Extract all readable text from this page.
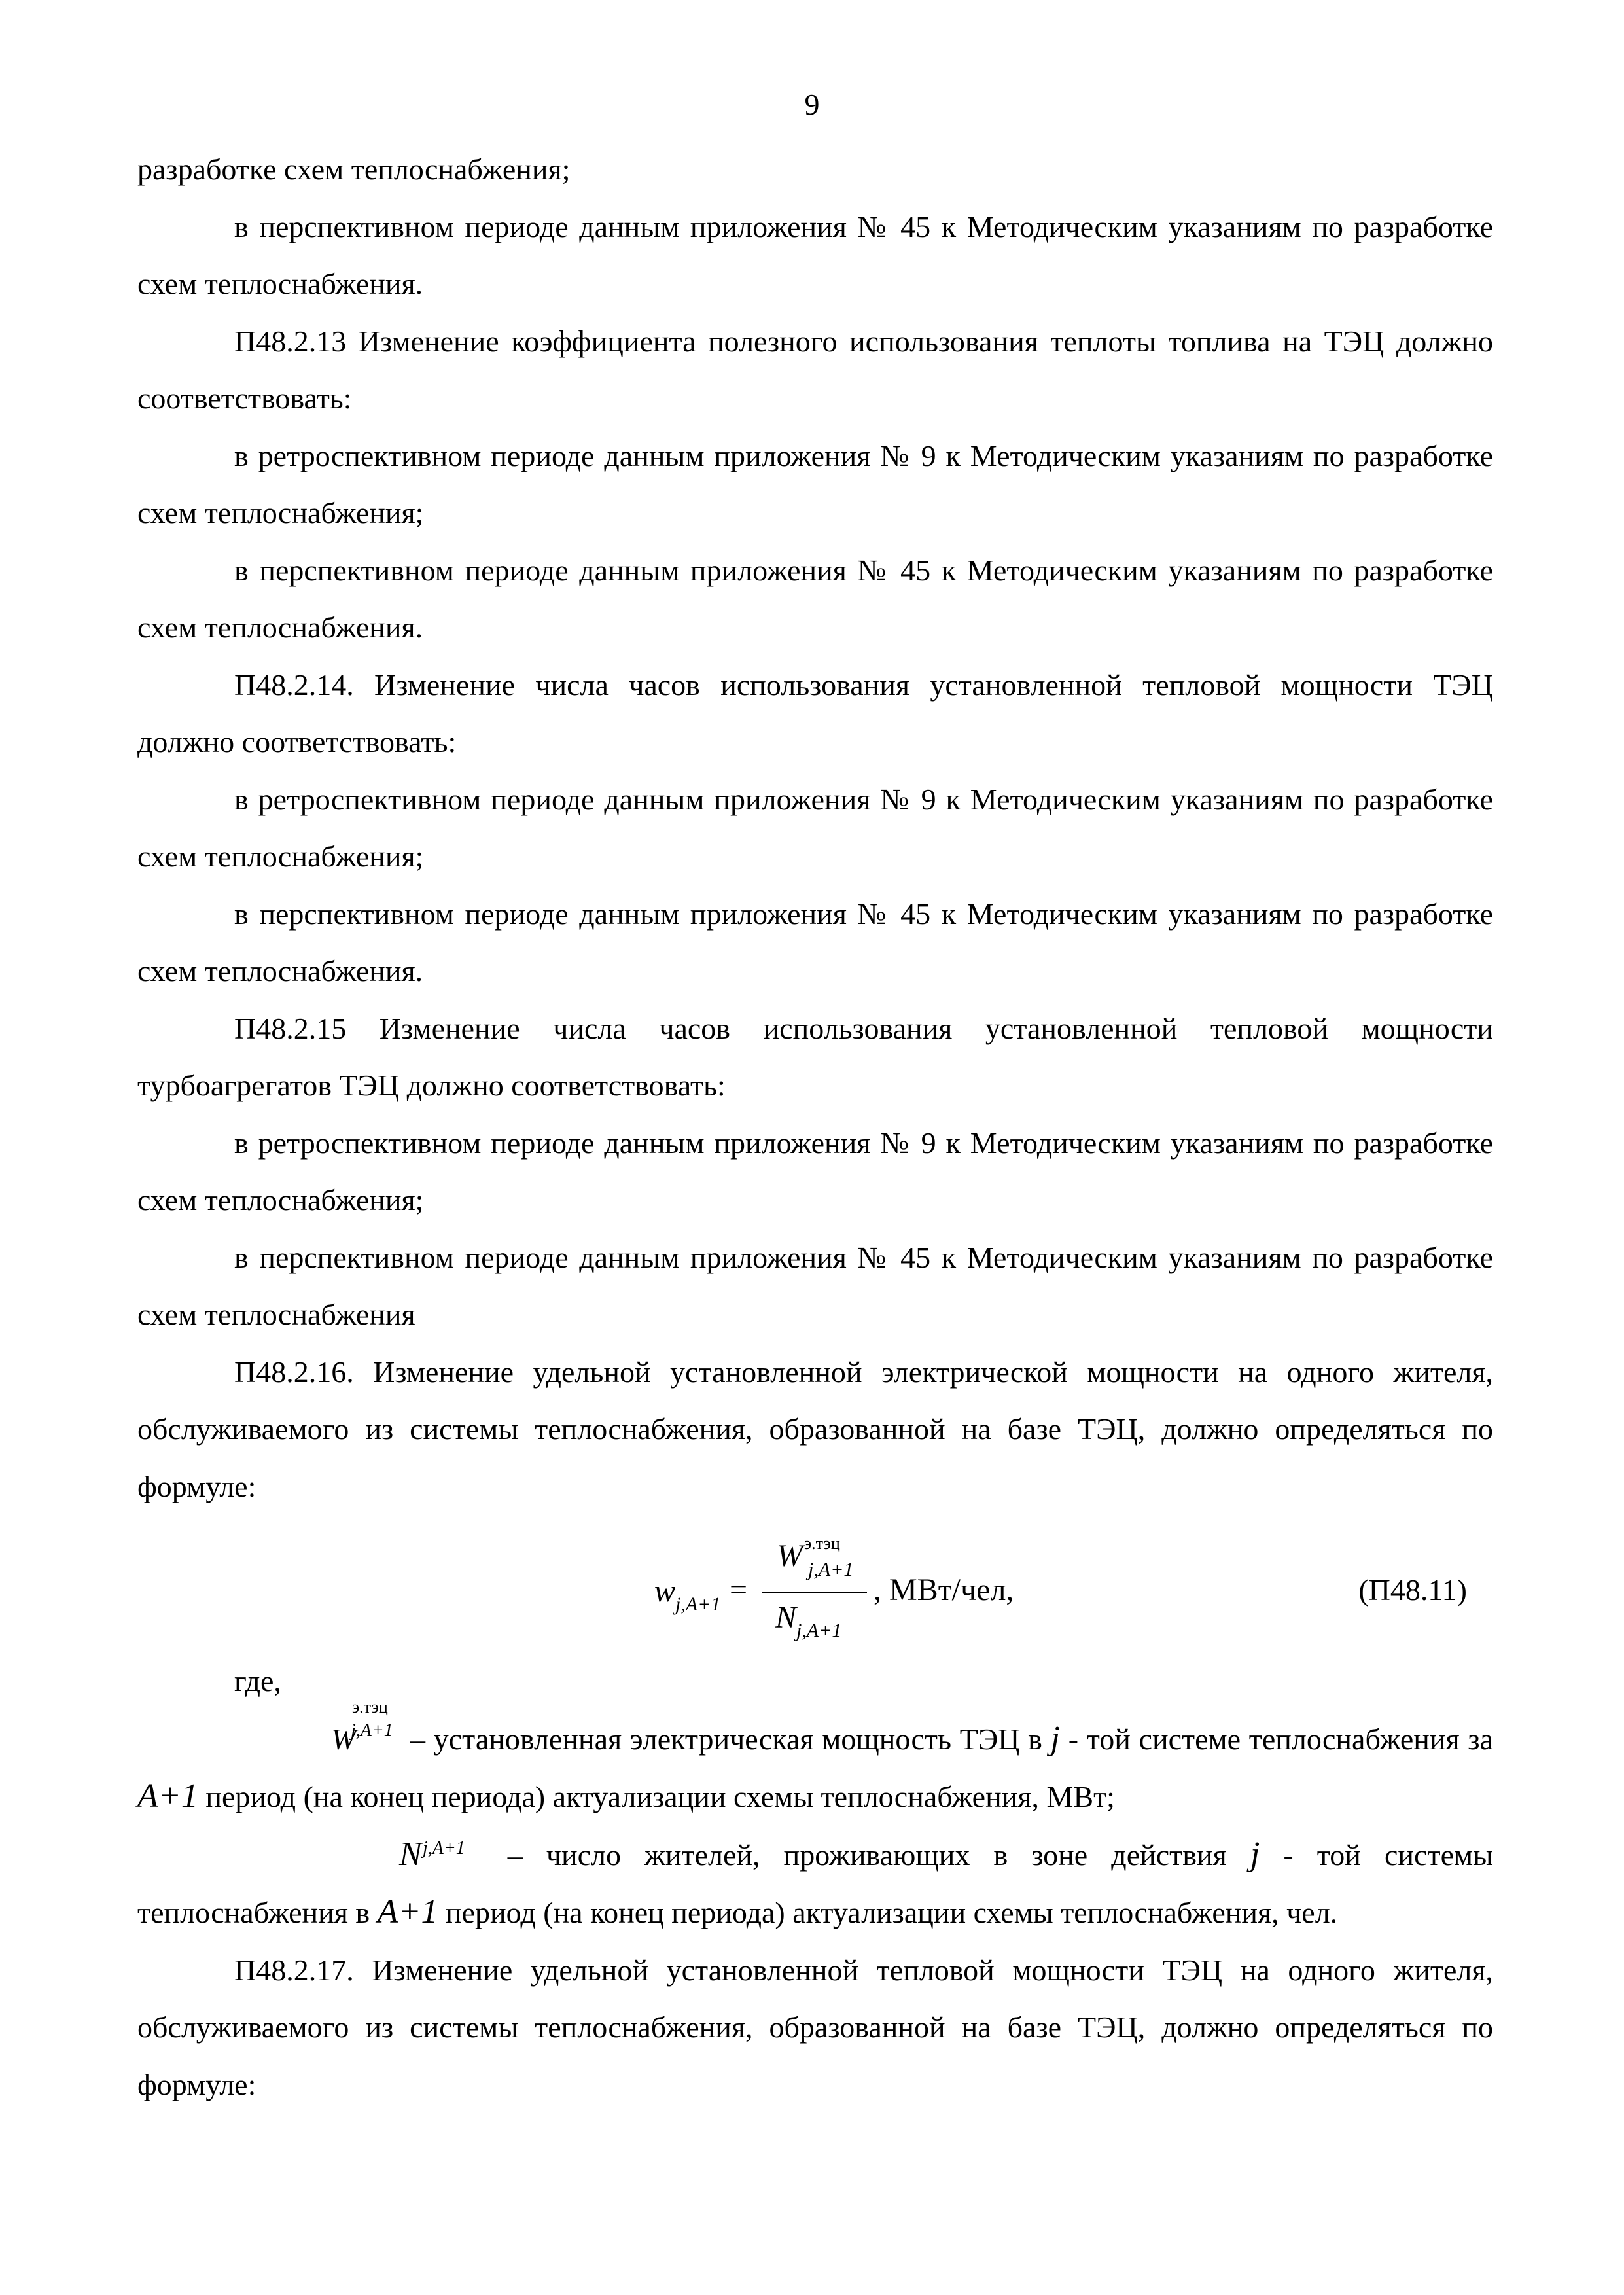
9

разработке схем теплоснабжения;

в перспективном периоде данным приложения № 45 к Методическим указаниям по разработке схем теплоснабжения.

П48.2.13 Изменение коэффициента полезного использования теплоты топлива на ТЭЦ должно соответствовать:

в ретроспективном периоде данным приложения № 9 к Методическим указаниям по разработке схем теплоснабжения;

в перспективном периоде данным приложения № 45 к Методическим указаниям по разработке схем теплоснабжения.

П48.2.14. Изменение числа часов использования установленной тепловой мощности ТЭЦ должно соответствовать:

в ретроспективном периоде данным приложения № 9 к Методическим указаниям по разработке схем теплоснабжения;

в перспективном периоде данным приложения № 45 к Методическим указаниям по разработке схем теплоснабжения.

П48.2.15 Изменение числа часов использования установленной тепловой мощности турбоагрегатов ТЭЦ должно соответствовать:

в ретроспективном периоде данным приложения № 9 к Методическим указаниям по разработке схем теплоснабжения;

в перспективном периоде данным приложения № 45 к Методическим указаниям по разработке схем теплоснабжения

П48.2.16. Изменение удельной установленной электрической мощности на одного жителя, обслуживаемого из системы теплоснабжения, образованной на базе ТЭЦ, должно определяться по формуле:

$w_{j,A+1}$ =
$W^{э.тэц}$
j,A+1
$N_{j,A+1}$
, МВт/чел,	(П48.11)

где,

W
э.тэц
j,A+1 – установленная электрическая мощность ТЭЦ в j - той системе теплоснабжения за A+1 период (на конец периода) актуализации схемы теплоснабжения, МВт;

N j,A+1 – число жителей, проживающих в зоне действия j - той системы теплоснабжения в A+1 период (на конец периода) актуализации схемы теплоснабжения, чел.

П48.2.17. Изменение удельной установленной тепловой мощности ТЭЦ на одного жителя, обслуживаемого из системы теплоснабжения, образованной на базе ТЭЦ, должно определяться по формуле:
